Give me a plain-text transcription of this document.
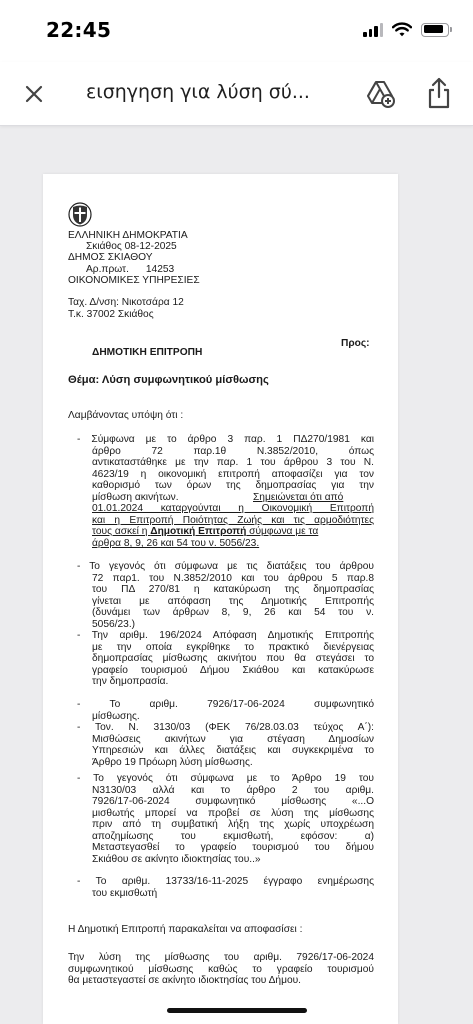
22:45
εισηγηση για λύση σύ...
ΕΛΛΗΝΙΚΗ ΔΗΜΟΚΡΑΤΙΑ
Σκιάθος 08-12-2025
ΔΗΜΟΣ ΣΚΙΑΘΟΥ
Αρ.πρωτ.      14253
ΟΙΚΟΝΟΜΙΚΕΣ ΥΠΗΡΕΣΙΕΣ
Ταχ. Δ/νση: Νικοτσάρα 12
Τ.κ. 37002 Σκιάθος
Προς:
ΔΗΜΟΤΙΚΗ ΕΠΙΤΡΟΠΗ
Θέμα: Λύση συμφωνητικού μίσθωσης
Λαμβάνοντας υπόψη ότι :
- Σύμφωνα με το άρθρο 3 παρ. 1 ΠΔ270/1981 και
άρθρο        72        παρ.1θ        Ν.3852/2010,        όπως
αντικαταστάθηκε με την παρ. 1 του άρθρου 3 του Ν.
4623/19 η οικονομική επιτροπή αποφασίζει για τον
καθορισμό των όρων της δημοπρασίας για την
μίσθωση ακινήτων.	Σημειώνεται ότι από
01.01.2024 καταργούνται η Οικονομική Επιτροπή
και η Επιτροπή Ποιότητας Ζωής και τις αρμοδιότητες
τους ασκεί η Δημοτική Επιτροπή σύμφωνα με τα
άρθρα 8, 9, 26 και 54 του ν. 5056/23.
- Το γεγονός ότι σύμφωνα με τις διατάξεις του άρθρου
72 παρ1. του Ν.3852/2010 και του άρθρου 5 παρ.8
του ΠΔ 270/81 η κατακύρωση της δημοπρασίας
γίνεται με απόφαση της Δημοτικής Επιτροπής
(δυνάμει των άρθρων 8, 9, 26 και 54 του ν.
5056/23.)
- Την αριθμ. 196/2024 Απόφαση Δημοτικής Επιτροπής
με την οποία εγκρίθηκε το πρακτικό διενέργειας
δημοπρασίας μίσθωσης ακινήτου που θα στεγάσει το
γραφείο τουρισμού Δήμου Σκιάθου και κατακύρωσε
την δημοπρασία.
-      Το      αριθμ.      7926/17-06-2024      συμφωνητικό
μίσθωσης.
- Τον. Ν. 3130/03 (ΦΕΚ 76/28.03.03 τεύχος Α΄):
Μισθώσεις ακινήτων για στέγαση Δημοσίων
Υπηρεσιών και άλλες διατάξεις και συγκεκριμένα το
Άρθρο 19 Πρόωρη λύση μίσθωσης.
- Το γεγονός ότι σύμφωνα με το Άρθρο 19 του
Ν3130/03 αλλά και το άρθρο 2 του αριθμ.
7926/17-06-2024 συμφωνητικό μίσθωσης «...Ο
μισθωτής μπορεί να προβεί σε λύση της μίσθωσης
πριν από τη συμβατική λήξη της χωρίς υποχρέωση
αποζημίωσης      του      εκμισθωτή,      εφόσον:      α)
Μεταστεγασθεί το γραφείο τουρισμού του δήμου
Σκιάθου σε ακίνητο ιδιοκτησίας του..»
- Το αριθμ. 13733/16-11-2025 έγγραφο ενημέρωσης
του εκμισθωτή
Η Δημοτική Επιτροπή παρακαλείται να αποφασίσει :
Την λύση της μίσθωσης του αριθμ. 7926/17-06-2024
συμφωνητικού μίσθωσης καθώς το γραφείο τουρισμού
θα μεταστεγαστεί σε ακίνητο ιδιοκτησίας του Δήμου.
